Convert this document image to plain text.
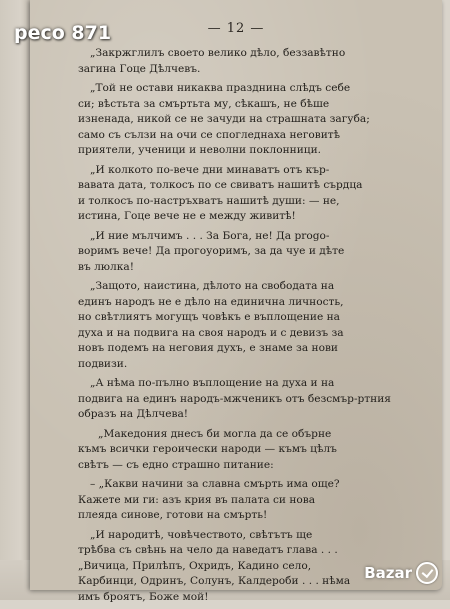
— 12 —
„Закржглилъ своето велико дѣло, беззавѣтно
загина Гоце Дѣлчевъ.
„Той не остави никаква празднина слѣдъ себе
си; вѣстьта за смъртьта му, сѣкашъ, не бѣше
изненада, никой се не зачуди на страшната загуба;
само съ сълзи на очи се спогледнаха неговитѣ
приятели, ученици и неволни поклонници.
„И колкото по-вече дни минаватъ отъ кър-
вавата дата, толкосъ по се свиватъ нашитѣ сърдца
и толкосъ по-настръхватъ нашитѣ души: — не,
истина, Гоце вече не е между живитѣ!
„И ние мълчимъ . . . За Бога, не! Да progo-
воримъ вече! Да прогоуоримъ, за да чуе и дѣте
въ люлка!
„Защото, наистина, дѣлото на свободата на
единъ народъ не е дѣло на единична личность,
но свѣтлиятъ могущъ човѣкъ е въплощение на
духа и на подвига на своя народъ и с девизъ за
новъ подемъ на неговия духъ, е знаме за нови
подвизи.
„А нѣма по-пълно въплощение на духа и на
подвига на единъ народъ-мжченикъ отъ безсмър-ртния
образъ на Дѣлчева!
„Македония днесъ би могла да се обърне
къмъ всички героически народи — къмъ цѣлъ
свѣтъ — съ едно страшно питание:
– „Какви начини за славна смърть има още?
Кажете ми ги: азъ крия въ палата си нова
плеяда синове, готови на смърть!
„И народитѣ, човѣчеството, свѣтътъ ще
трѣбва съ свѣнь на чело да наведатъ глава . . .
„Вичица, Прилѣпъ, Охридъ, Кадино село,
Карбинци, Одринъ, Солунъ, Калдероби . . . нѣма
имъ броятъ, Боже мой!
peco 871
Bazar
